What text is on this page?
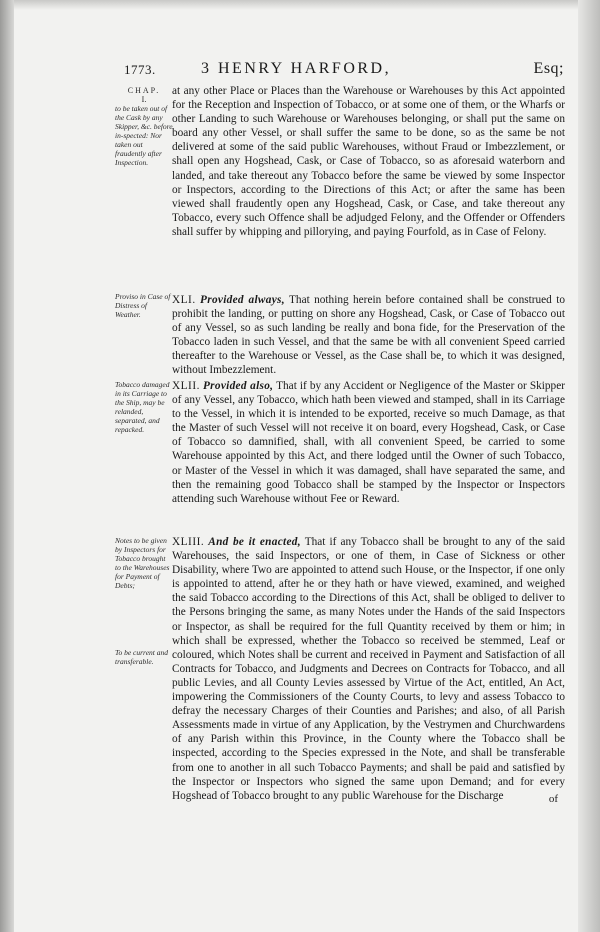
1773.	3 HENRY HARFORD,	Esq;
CHAP.
I.
to be taken out of the Cask by any Skipper, &c. before in-spected: Nor taken out fraudently after Inspection.
Proviso in Case of Distress of Weather.
Tobacco damaged in its Carriage to the Ship, may be relanded, separated, and repacked.
Notes to be given by Inspectors for Tobacco brought to the Warehouses for Payment of Debts;
To be current and transferable.
at any other Place or Places than the Warehouse or Warehouses by this Act appointed for the Reception and Inspection of Tobacco, or at some one of them, or the Wharfs or other Landing to such Warehouse or Warehouses belonging, or shall put the same on board any other Vessel, or shall suffer the same to be done, so as the same be not delivered at some of the said public Warehouses, without Fraud or Imbezzlement, or shall open any Hogshead, Cask, or Case of Tobacco, so as aforesaid waterborn and landed, and take thereout any Tobacco before the same be viewed by some Inspector or Inspectors, according to the Directions of this Act; or after the same has been viewed shall fraudently open any Hogshead, Cask, or Case, and take thereout any Tobacco, every such Offence shall be adjudged Felony, and the Offender or Offenders shall suffer by whipping and pillorying, and paying Fourfold, as in Case of Felony.
XLI. Provided always, That nothing herein before contained shall be construed to prohibit the landing, or putting on shore any Hogshead, Cask, or Case of Tobacco out of any Vessel, so as such landing be really and bona fide, for the Preservation of the Tobacco laden in such Vessel, and that the same be with all convenient Speed carried thereafter to the Warehouse or Vessel, as the Case shall be, to which it was designed, without Imbezzlement.
XLII. Provided also, That if by any Accident or Negligence of the Master or Skipper of any Vessel, any Tobacco, which hath been viewed and stamped, shall in its Carriage to the Vessel, in which it is intended to be exported, receive so much Damage, as that the Master of such Vessel will not receive it on board, every Hogshead, Cask, or Case of Tobacco so damnified, shall, with all convenient Speed, be carried to some Warehouse appointed by this Act, and there lodged until the Owner of such Tobacco, or Master of the Vessel in which it was damaged, shall have separated the same, and then the remaining good Tobacco shall be stamped by the Inspector or Inspectors attending such Warehouse without Fee or Reward.
XLIII. And be it enacted, That if any Tobacco shall be brought to any of the said Warehouses, the said Inspectors, or one of them, in Case of Sickness or other Disability, where Two are appointed to attend such House, or the Inspector, if one only is appointed to attend, after he or they hath or have viewed, examined, and weighed the said Tobacco according to the Directions of this Act, shall be obliged to deliver to the Persons bringing the same, as many Notes under the Hands of the said Inspectors or Inspector, as shall be required for the full Quantity received by them or him; in which shall be expressed, whether the Tobacco so received be stemmed, Leaf or coloured, which Notes shall be current and received in Payment and Satisfaction of all Contracts for Tobacco, and Judgments and Decrees on Contracts for Tobacco, and all public Levies, and all County Levies assessed by Virtue of the Act, entitled, An Act, impowering the Commissioners of the County Courts, to levy and assess Tobacco to defray the necessary Charges of their Counties and Parishes; and also, of all Parish Assessments made in virtue of any Application, by the Vestrymen and Churchwardens of any Parish within this Province, in the County where the Tobacco shall be inspected, according to the Species expressed in the Note, and shall be transferable from one to another in all such Tobacco Payments; and shall be paid and satisfied by the Inspector or Inspectors who signed the same upon Demand; and for every Hogshead of Tobacco brought to any public Warehouse for the Discharge	of
